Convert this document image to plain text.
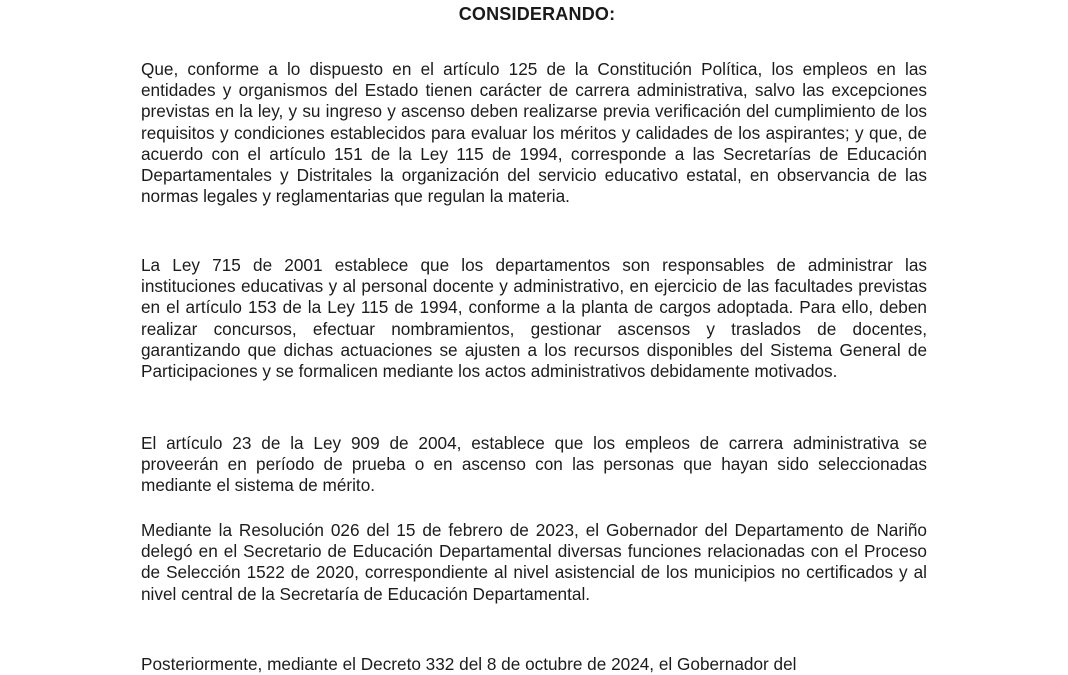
CONSIDERANDO:

Que, conforme a lo dispuesto en el artículo 125 de la Constitución Política, los empleos en las entidades y organismos del Estado tienen carácter de carrera administrativa, salvo las excepciones previstas en la ley, y su ingreso y ascenso deben realizarse previa verificación del cumplimiento de los requisitos y condiciones establecidos para evaluar los méritos y calidades de los aspirantes; y que, de acuerdo con el artículo 151 de la Ley 115 de 1994, corresponde a las Secretarías de Educación Departamentales y Distritales la organización del servicio educativo estatal, en observancia de las normas legales y reglamentarias que regulan la materia.

La Ley 715 de 2001 establece que los departamentos son responsables de administrar las instituciones educativas y al personal docente y administrativo, en ejercicio de las facultades previstas en el artículo 153 de la Ley 115 de 1994, conforme a la planta de cargos adoptada. Para ello, deben realizar concursos, efectuar nombramientos, gestionar ascensos y traslados de docentes, garantizando que dichas actuaciones se ajusten a los recursos disponibles del Sistema General de Participaciones y se formalicen mediante los actos administrativos debidamente motivados.

El artículo 23 de la Ley 909 de 2004, establece que los empleos de carrera administrativa se proveerán en período de prueba o en ascenso con las personas que hayan sido seleccionadas mediante el sistema de mérito.

Mediante la Resolución 026 del 15 de febrero de 2023, el Gobernador del Departamento de Nariño delegó en el Secretario de Educación Departamental diversas funciones relacionadas con el Proceso de Selección 1522 de 2020, correspondiente al nivel asistencial de los municipios no certificados y al nivel central de la Secretaría de Educación Departamental.

Posteriormente, mediante el Decreto 332 del 8 de octubre de 2024, el Gobernador del
